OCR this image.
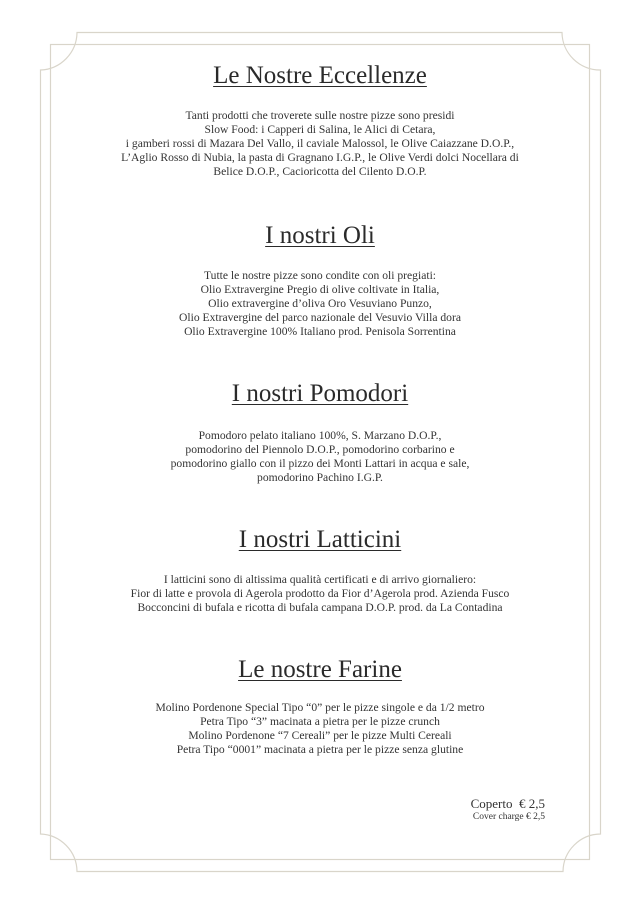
Le Nostre Eccellenze
Tanti prodotti che troverete sulle nostre pizze sono presidi
Slow Food: i Capperi di Salina, le Alici di Cetara,
i gamberi rossi di Mazara Del Vallo, il caviale Malossol, le Olive Caiazzane D.O.P.,
L’Aglio Rosso di Nubia, la pasta di Gragnano I.G.P., le Olive Verdi dolci Nocellara di
Belice D.O.P., Cacioricotta del Cilento D.O.P.
I nostri Oli
Tutte le nostre pizze sono condite con oli pregiati:
Olio Extravergine Pregio di olive coltivate in Italia,
Olio extravergine d’oliva Oro Vesuviano Punzo,
Olio Extravergine del parco nazionale del Vesuvio Villa dora
Olio Extravergine 100% Italiano prod. Penisola Sorrentina
I nostri Pomodori
Pomodoro pelato italiano 100%, S. Marzano D.O.P.,
pomodorino del Piennolo D.O.P., pomodorino corbarino e
pomodorino giallo con il pizzo dei Monti Lattari in acqua e sale,
pomodorino Pachino I.G.P.
I nostri Latticini
I latticini sono di altissima qualità certificati e di arrivo giornaliero:
Fior di latte e provola di Agerola prodotto da Fior d’Agerola prod. Azienda Fusco
Bocconcini di bufala e ricotta di bufala campana D.O.P. prod. da La Contadina
Le nostre Farine
Molino Pordenone Special Tipo “0” per le pizze singole e da 1/2 metro
Petra Tipo “3” macinata a pietra per le pizze crunch
Molino Pordenone “7 Cereali” per le pizze Multi Cereali
Petra Tipo “0001” macinata a pietra per le pizze senza glutine
Coperto  € 2,5
Cover charge € 2,5
